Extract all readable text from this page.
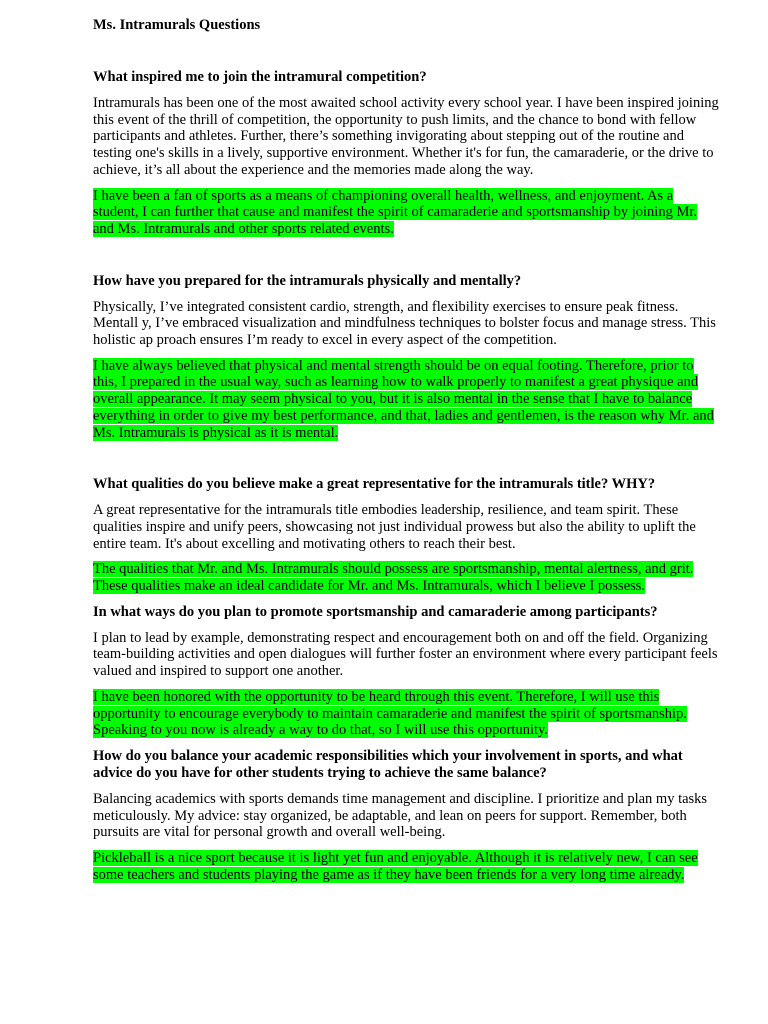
Ms. Intramurals Questions
What inspired me to join the intramural competition?
Intramurals has been one of the most awaited school activity every school year. I have been inspired joining this event of the thrill of competition, the opportunity to push limits, and the chance to bond with fellow participants and athletes. Further, there’s something invigorating about stepping out of the routine and testing one's skills in a lively, supportive environment. Whether it's for fun, the camaraderie, or the drive to achieve, it’s all about the experience and the memories made along the way.
I have been a fan of sports as a means of championing overall health, wellness, and enjoyment. As a student, I can further that cause and manifest the spirit of camaraderie and sportsmanship by joining Mr. and Ms. Intramurals and other sports related events.
How have you prepared for the intramurals physically and mentally?
Physically, I’ve integrated consistent cardio, strength, and flexibility exercises to ensure peak fitness. Mentall y, I’ve embraced visualization and mindfulness techniques to bolster focus and manage stress. This holistic ap proach ensures I’m ready to excel in every aspect of the competition.
I have always believed that physical and mental strength should be on equal footing. Therefore, prior to this, I prepared in the usual way, such as learning how to walk properly to manifest a great physique and overall appearance. It may seem physical to you, but it is also mental in the sense that I have to balance everything in order to give my best performance, and that, ladies and gentlemen, is the reason why Mr. and Ms. Intramurals is physical as it is mental.
What qualities do you believe make a great representative for the intramurals title? WHY?
A great representative for the intramurals title embodies leadership, resilience, and team spirit. These qualities inspire and unify peers, showcasing not just individual prowess but also the ability to uplift the entire team. It's about excelling and motivating others to reach their best.
The qualities that Mr. and Ms. Intramurals should possess are sportsmanship, mental alertness, and grit. These qualities make an ideal candidate for Mr. and Ms. Intramurals, which I believe I possess.
In what ways do you plan to promote sportsmanship and camaraderie among participants?
I plan to lead by example, demonstrating respect and encouragement both on and off the field. Organizing team-building activities and open dialogues will further foster an environment where every participant feels valued and inspired to support one another.
I have been honored with the opportunity to be heard through this event. Therefore, I will use this opportunity to encourage everybody to maintain camaraderie and manifest the spirit of sportsmanship. Speaking to you now is already a way to do that, so I will use this opportunity.
How do you balance your academic responsibilities which your involvement in sports, and what advice do you have for other students trying to achieve the same balance?
Balancing academics with sports demands time management and discipline. I prioritize and plan my tasks meticulously. My advice: stay organized, be adaptable, and lean on peers for support. Remember, both pursuits are vital for personal growth and overall well-being.
Pickleball is a nice sport because it is light yet fun and enjoyable. Although it is relatively new, I can see some teachers and students playing the game as if they have been friends for a very long time already.
